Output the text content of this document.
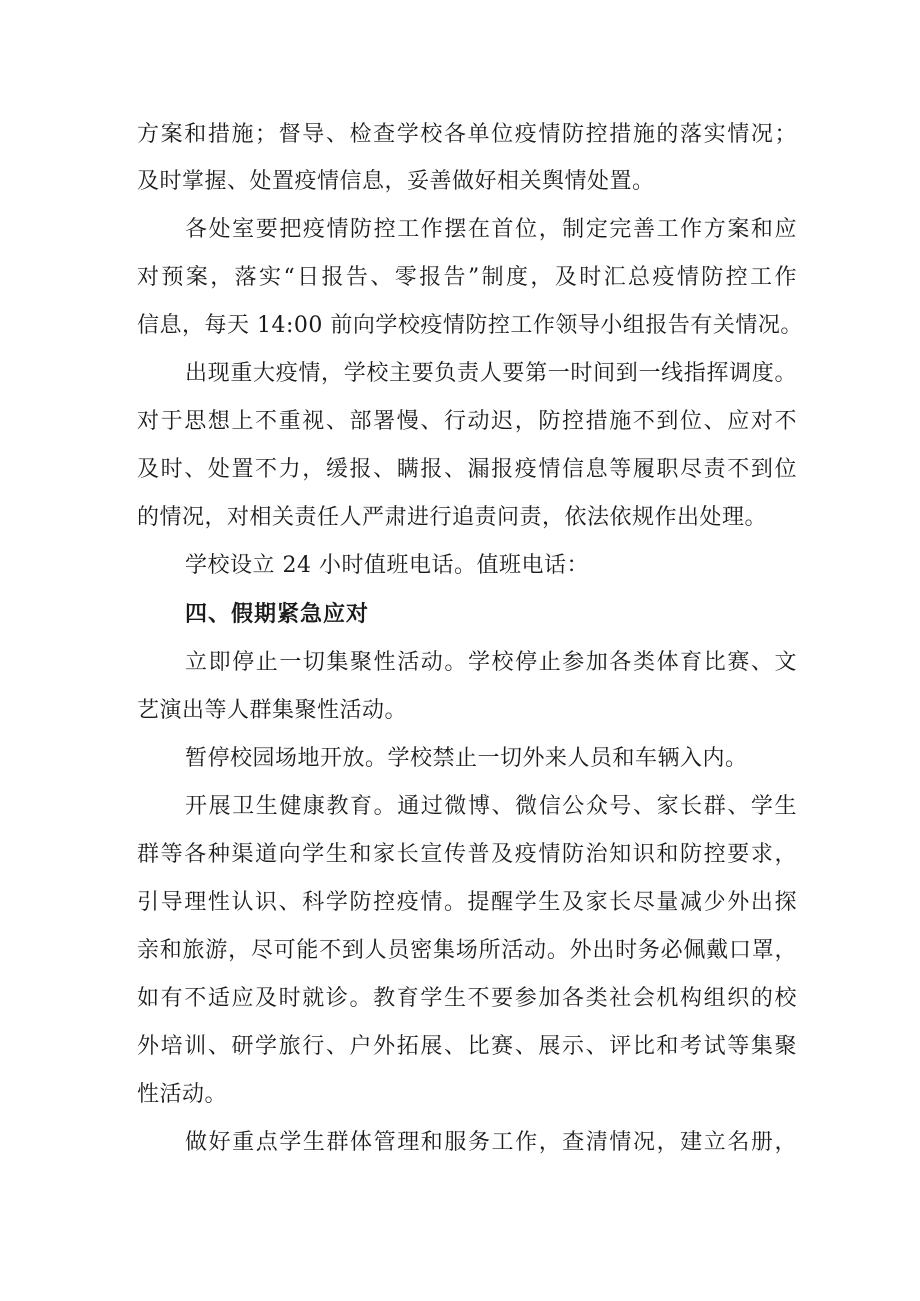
方案和措施；督导、检查学校各单位疫情防控措施的落实情况；
及时掌握、处置疫情信息，妥善做好相关舆情处置。
各处室要把疫情防控工作摆在首位，制定完善工作方案和应
对预案，落实“日报告、零报告”制度，及时汇总疫情防控工作
信息，每天 14:00 前向学校疫情防控工作领导小组报告有关情况。
出现重大疫情，学校主要负责人要第一时间到一线指挥调度。
对于思想上不重视、部署慢、行动迟，防控措施不到位、应对不
及时、处置不力，缓报、瞒报、漏报疫情信息等履职尽责不到位
的情况，对相关责任人严肃进行追责问责，依法依规作出处理。
学校设立 24 小时值班电话。值班电话：
四、假期紧急应对
立即停止一切集聚性活动。学校停止参加各类体育比赛、文
艺演出等人群集聚性活动。
暂停校园场地开放。学校禁止一切外来人员和车辆入内。
开展卫生健康教育。通过微博、微信公众号、家长群、学生
群等各种渠道向学生和家长宣传普及疫情防治知识和防控要求，
引导理性认识、科学防控疫情。提醒学生及家长尽量减少外出探
亲和旅游，尽可能不到人员密集场所活动。外出时务必佩戴口罩，
如有不适应及时就诊。教育学生不要参加各类社会机构组织的校
外培训、研学旅行、户外拓展、比赛、展示、评比和考试等集聚
性活动。
做好重点学生群体管理和服务工作，查清情况，建立名册，
